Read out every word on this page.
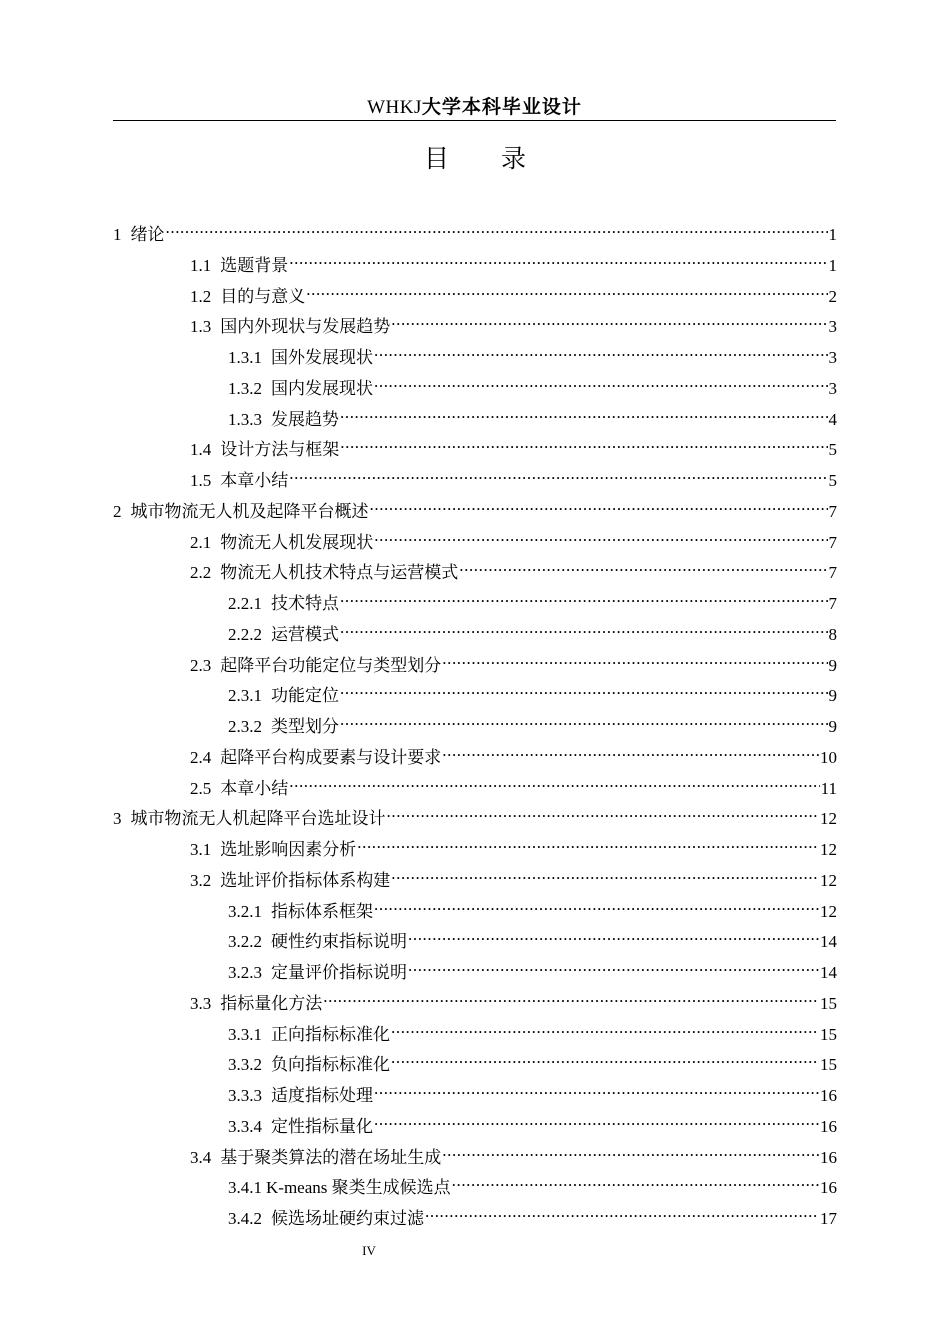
WHKJ大学本科毕业设计
目 录
1 绪论 .....	1
1.1 选题背景 .....	1
1.2 目的与意义 .....	2
1.3 国内外现状与发展趋势 .....	3
1.3.1 国外发展现状 .....	3
1.3.2 国内发展现状 .....	3
1.3.3 发展趋势 .....	4
1.4 设计方法与框架 .....	5
1.5 本章小结 .....	5
2 城市物流无人机及起降平台概述 .....	7
2.1 物流无人机发展现状 .....	7
2.2 物流无人机技术特点与运营模式 .....	7
2.2.1 技术特点 .....	7
2.2.2 运营模式 .....	8
2.3 起降平台功能定位与类型划分 .....	9
2.3.1 功能定位 .....	9
2.3.2 类型划分 .....	9
2.4 起降平台构成要素与设计要求 .....	10
2.5 本章小结 .....	11
3 城市物流无人机起降平台选址设计 .....	12
3.1 选址影响因素分析 .....	12
3.2 选址评价指标体系构建 .....	12
3.2.1 指标体系框架 .....	12
3.2.2 硬性约束指标说明 .....	14
3.2.3 定量评价指标说明 .....	14
3.3 指标量化方法 .....	15
3.3.1 正向指标标准化 .....	15
3.3.2 负向指标标准化 .....	15
3.3.3 适度指标处理 .....	16
3.3.4 定性指标量化 .....	16
3.4 基于聚类算法的潜在场址生成 .....	16
3.4.1 K-means 聚类生成候选点 .....	16
3.4.2 候选场址硬约束过滤 .....	17
IV
